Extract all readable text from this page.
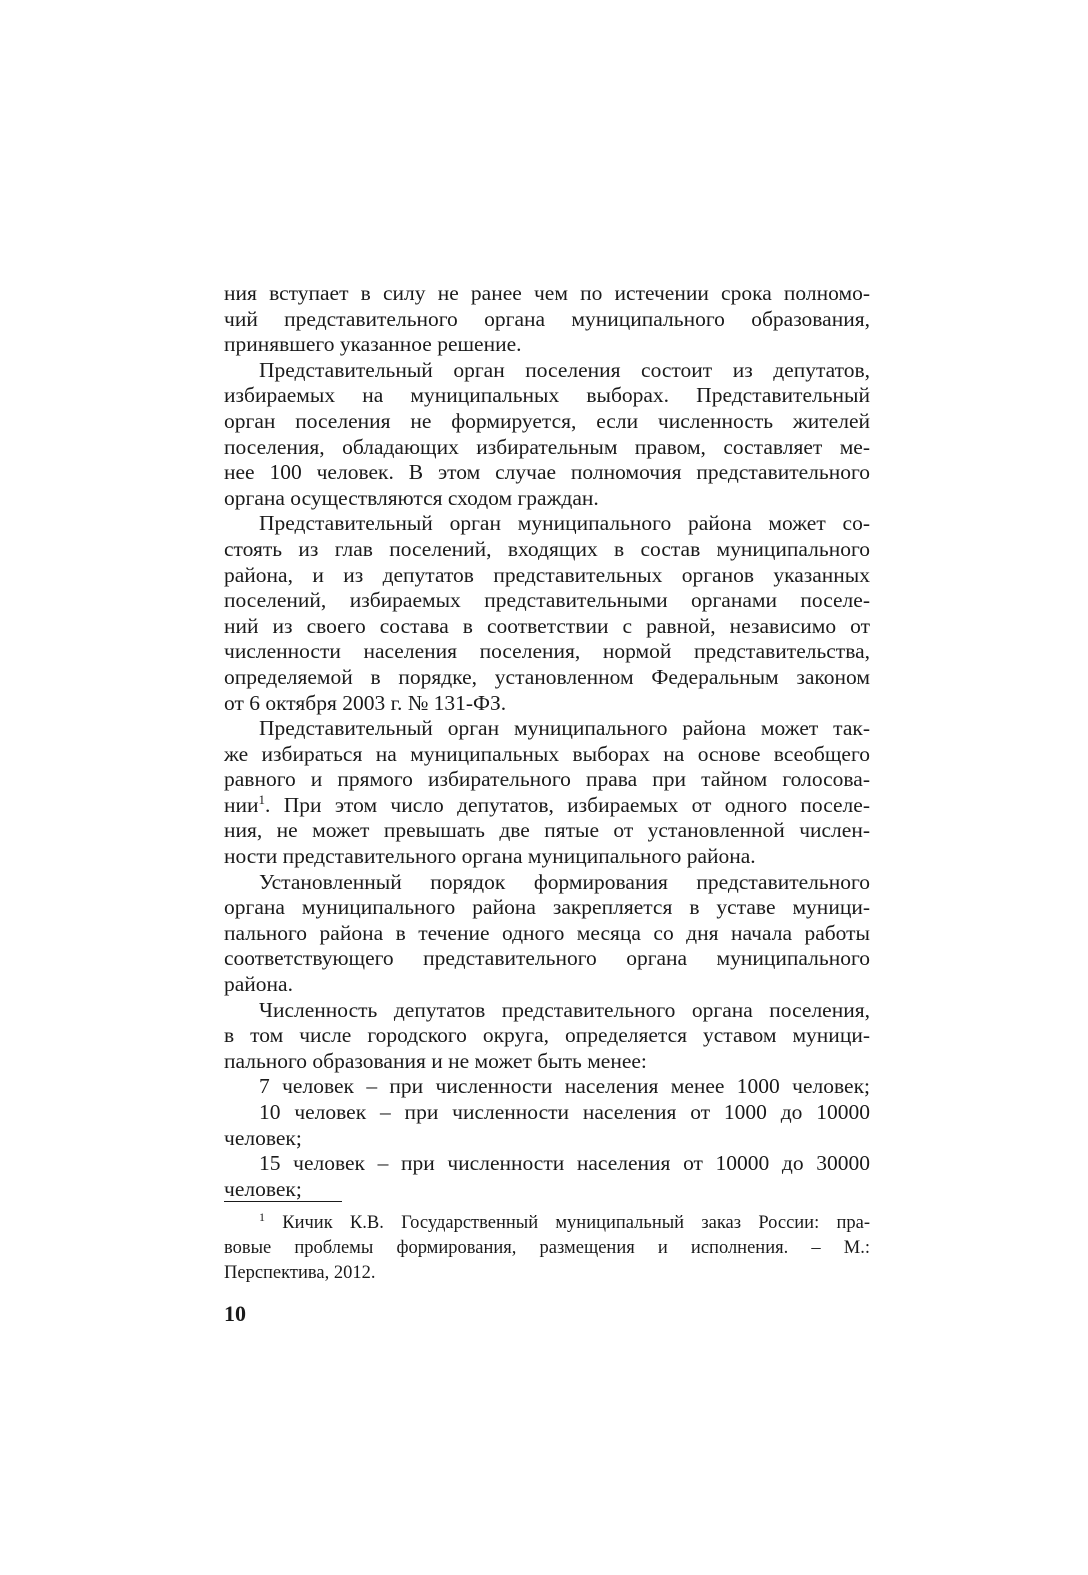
ния вступает в силу не ранее чем по истечении срока полномо-
чий представительного органа муниципального образования,
принявшего указанное решение.
Представительный орган поселения состоит из депутатов,
избираемых на муниципальных выборах. Представительный
орган поселения не формируется, если численность жителей
поселения, обладающих избирательным правом, составляет ме-
нее 100 человек. В этом случае полномочия представительного
органа осуществляются сходом граждан.
Представительный орган муниципального района может со-
стоять из глав поселений, входящих в состав муниципального
района, и из депутатов представительных органов указанных
поселений, избираемых представительными органами поселе-
ний из своего состава в соответствии с равной, независимо от
численности населения поселения, нормой представительства,
определяемой в порядке, установленном Федеральным законом
от 6 октября 2003 г. № 131-ФЗ.
Представительный орган муниципального района может так-
же избираться на муниципальных выборах на основе всеобщего
равного и прямого избирательного права при тайном голосова-
нии$^1$. При этом число депутатов, избираемых от одного поселе-
ния, не может превышать две пятые от установленной числен-
ности представительного органа муниципального района.
Установленный порядок формирования представительного
органа муниципального района закрепляется в уставе муници-
пального района в течение одного месяца со дня начала работы
соответствующего представительного органа муниципального
района.
Численность депутатов представительного органа поселения,
в том числе городского округа, определяется уставом муници-
пального образования и не может быть менее:
7 человек – при численности населения менее 1000 человек;
10 человек – при численности населения от 1000 до 10000
человек;
15 человек – при численности населения от 10000 до 30000
человек;
$^1$ Кичик К.В. Государственный муниципальный заказ России: пра-
вовые проблемы формирования, размещения и исполнения. – М.:
Перспектива, 2012.
10
